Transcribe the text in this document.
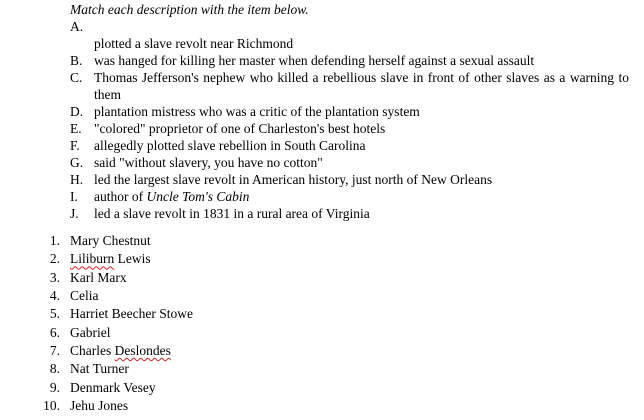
Match each description with the item below.
A.
plotted a slave revolt near Richmond
B. was hanged for killing her master when defending herself against a sexual assault
C. Thomas Jefferson's nephew who killed a rebellious slave in front of other slaves as a warning to them
D. plantation mistress who was a critic of the plantation system
E. "colored" proprietor of one of Charleston's best hotels
F.	allegedly plotted slave rebellion in South Carolina
G. said "without slavery, you have no cotton"
H. led the largest slave revolt in American history, just north of New Orleans
I.	author of Uncle Tom's Cabin
J.	led a slave revolt in 1831 in a rural area of Virginia
1. Mary Chestnut
2. Liliburn Lewis
3. Karl Marx
4. Celia
5. Harriet Beecher Stowe
6. Gabriel
7. Charles Deslondes
8. Nat Turner
9. Denmark Vesey
10. Jehu Jones
